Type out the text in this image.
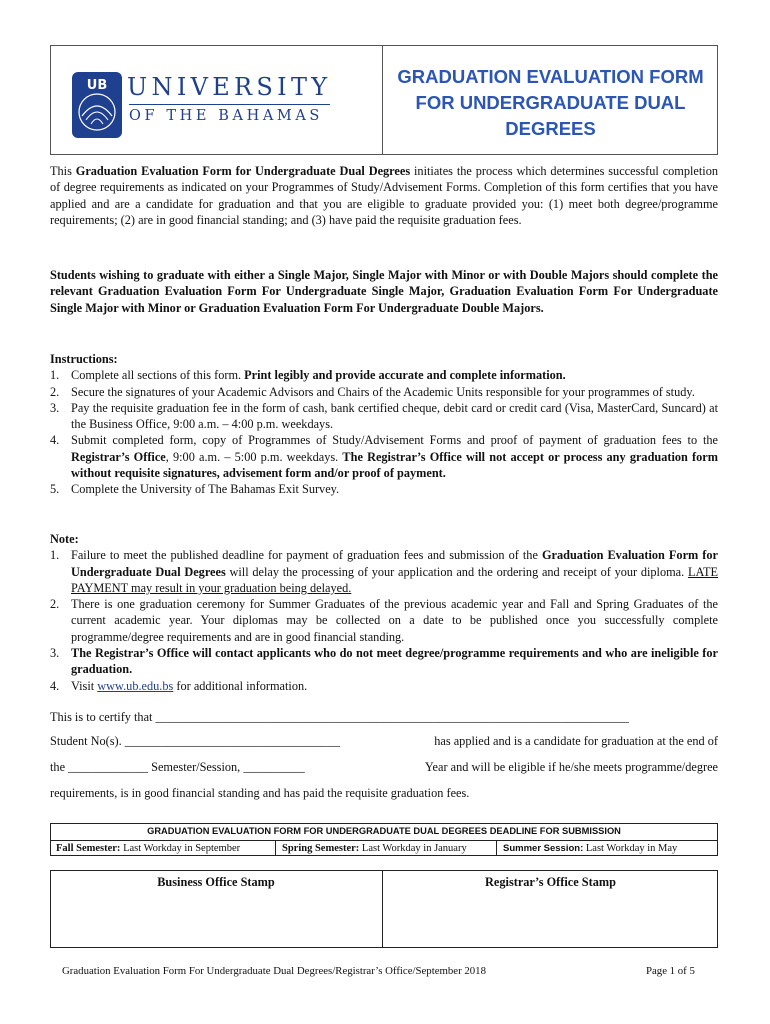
UB UNIVERSITY
OF THE BAHAMAS
GRADUATION EVALUATION FORM
FOR UNDERGRADUATE DUAL
DEGREES
This Graduation Evaluation Form for Undergraduate Dual Degrees initiates the process which determines successful completion of degree requirements as indicated on your Programmes of Study/Advisement Forms. Completion of this form certifies that you have applied and are a candidate for graduation and that you are eligible to graduate provided you: (1) meet both degree/programme requirements; (2) are in good financial standing; and (3) have paid the requisite graduation fees.
Students wishing to graduate with either a Single Major, Single Major with Minor or with Double Majors should complete the relevant Graduation Evaluation Form For Undergraduate Single Major, Graduation Evaluation Form For Undergraduate Single Major with Minor or Graduation Evaluation Form For Undergraduate Double Majors.
Instructions:
1. Complete all sections of this form. Print legibly and provide accurate and complete information.
2. Secure the signatures of your Academic Advisors and Chairs of the Academic Units responsible for your programmes of study.
3. Pay the requisite graduation fee in the form of cash, bank certified cheque, debit card or credit card (Visa, MasterCard, Suncard) at the Business Office, 9:00 a.m. – 4:00 p.m. weekdays.
4. Submit completed form, copy of Programmes of Study/Advisement Forms and proof of payment of graduation fees to the Registrar’s Office, 9:00 a.m. – 5:00 p.m. weekdays. The Registrar’s Office will not accept or process any graduation form without requisite signatures, advisement form and/or proof of payment.
5. Complete the University of The Bahamas Exit Survey.
Note:
1. Failure to meet the published deadline for payment of graduation fees and submission of the Graduation Evaluation Form for Undergraduate Dual Degrees will delay the processing of your application and the ordering and receipt of your diploma. LATE PAYMENT may result in your graduation being delayed.
2. There is one graduation ceremony for Summer Graduates of the previous academic year and Fall and Spring Graduates of the current academic year. Your diplomas may be collected on a date to be published once you successfully complete programme/degree requirements and are in good financial standing.
3. The Registrar’s Office will contact applicants who do not meet degree/programme requirements and who are ineligible for graduation.
4. Visit www.ub.edu.bs for additional information.
This is to certify that _____________________________________________________________________________
Student No(s). ___________________________________	has applied and is a candidate for graduation at the end of
the _____________ Semester/Session, __________	Year and will be eligible if he/she meets programme/degree
requirements, is in good financial standing and has paid the requisite graduation fees.
GRADUATION EVALUATION FORM FOR UNDERGRADUATE DUAL DEGREES DEADLINE FOR SUBMISSION
Fall Semester: Last Workday in September	Spring Semester: Last Workday in January	Summer Session: Last Workday in May
Business Office Stamp	Registrar’s Office Stamp
Graduation Evaluation Form For Undergraduate Dual Degrees/Registrar’s Office/September 2018	Page 1 of 5
